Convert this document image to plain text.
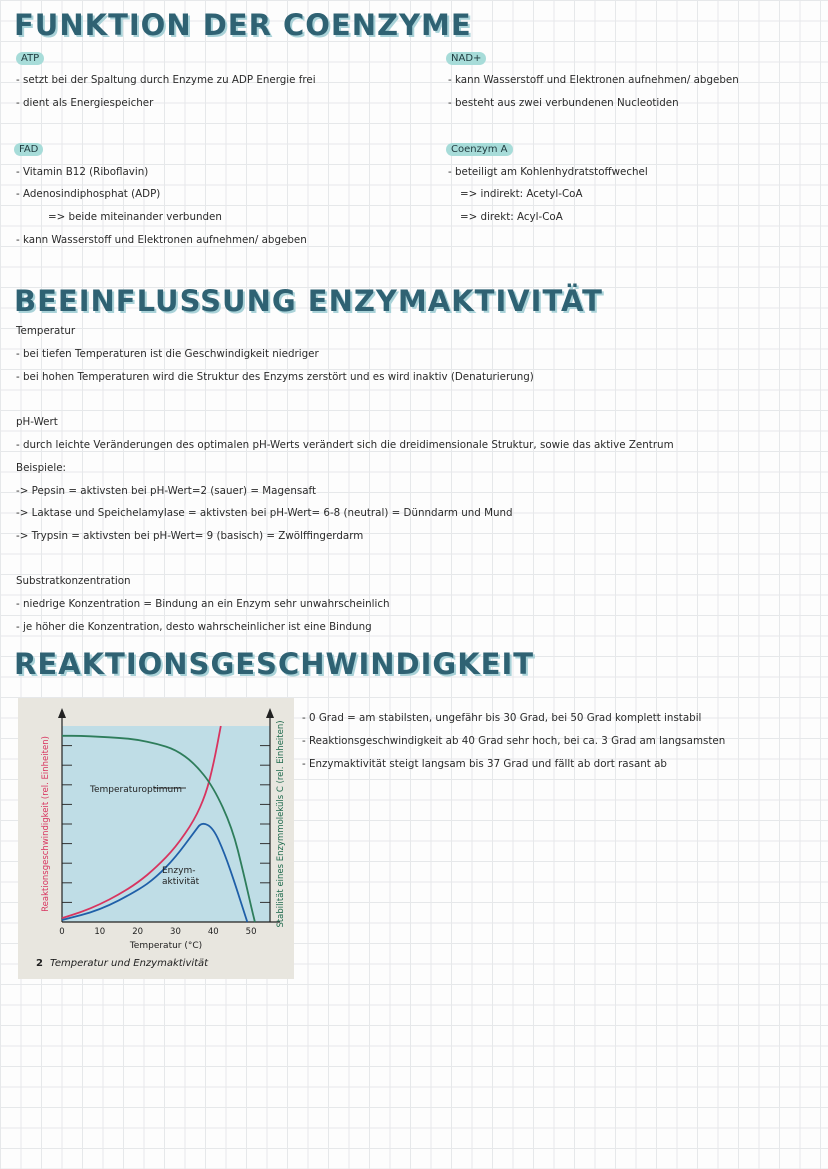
FUNKTION DER COENZYME
ATP
- setzt bei der Spaltung durch Enzyme zu ADP Energie frei
- dient als Energiespeicher
NAD+
- kann Wasserstoff und Elektronen aufnehmen/ abgeben
- besteht aus zwei verbundenen Nucleotiden
FAD
- Vitamin B12 (Riboflavin)
- Adenosindiphosphat (ADP)
=> beide miteinander verbunden
- kann Wasserstoff und Elektronen aufnehmen/ abgeben
Coenzym A
- beteiligt am Kohlenhydratstoffwechel
=> indirekt: Acetyl-CoA
=> direkt: Acyl-CoA
BEEINFLUSSUNG ENZYMAKTIVITÄT
Temperatur
- bei tiefen Temperaturen ist die Geschwindigkeit niedriger
- bei hohen Temperaturen wird die Struktur des Enzyms zerstört und es wird inaktiv (Denaturierung)
pH-Wert
- durch leichte Veränderungen des optimalen pH-Werts verändert sich die dreidimensionale Struktur, sowie das aktive Zentrum
Beispiele:
-> Pepsin = aktivsten bei pH-Wert=2 (sauer) = Magensaft
-> Laktase und Speichelamylase = aktivsten bei pH-Wert= 6-8 (neutral) = Dünndarm und Mund
-> Trypsin = aktivsten bei pH-Wert= 9 (basisch) = Zwölffingerdarm
Substratkonzentration
- niedrige Konzentration = Bindung an ein Enzym sehr unwahrscheinlich
- je höher die Konzentration, desto wahrscheinlicher ist eine Bindung
REAKTIONSGESCHWINDIGKEIT
- 0 Grad = am stabilsten, ungefähr bis 30 Grad, bei 50 Grad komplett instabil
- Reaktionsgeschwindigkeit ab 40 Grad sehr hoch, bei ca. 3 Grad am langsamsten
- Enzymaktivität steigt langsam bis 37 Grad und fällt ab dort rasant ab
Temperaturoptimum
Enzym-
aktivität
0	10	20	30	40	50
Temperatur (°C)
Reaktionsgeschwindigkeit (rel. Einheiten)	Stabilität eines Enzymmoleküls C (rel. Einheiten)
2 Temperatur und Enzymaktivität
